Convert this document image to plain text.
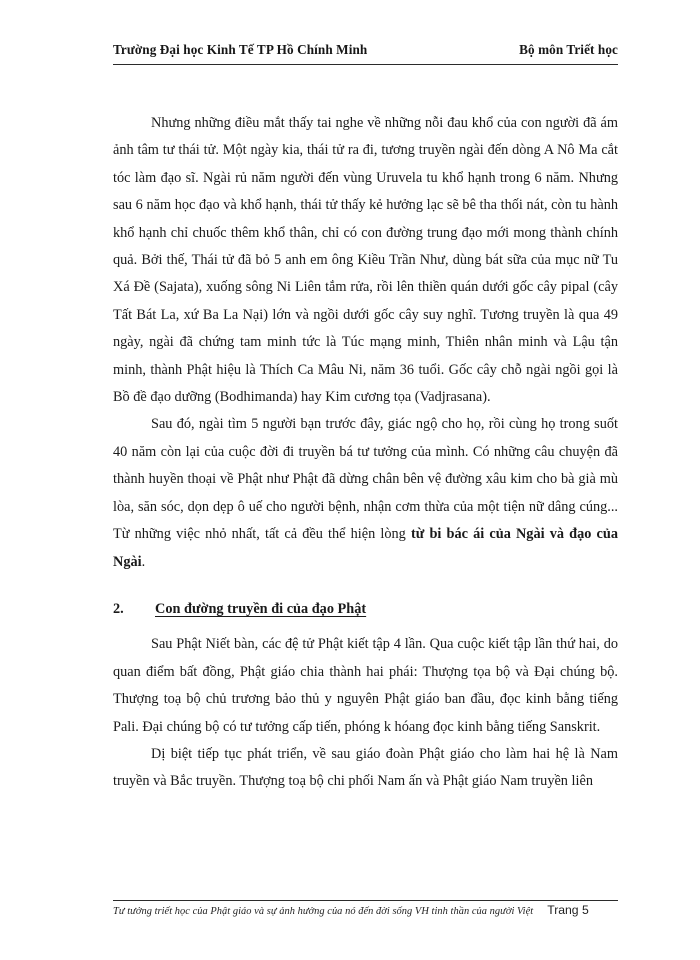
Trường Đại học Kinh Tế TP Hồ Chính Minh	Bộ môn Triết học

Nhưng những điều mắt thấy tai nghe về những nỗi đau khổ của con người đã ám ảnh tâm tư thái tử. Một ngày kia, thái tử ra đi, tương truyền ngài đến dòng A Nô Ma cắt tóc làm đạo sĩ. Ngài rủ năm người đến vùng Uruvela tu khổ hạnh trong 6 năm. Nhưng sau 6 năm học đạo và khổ hạnh, thái tử thấy kẻ hưởng lạc sẽ bê tha thối nát, còn tu hành khổ hạnh chỉ chuốc thêm khổ thân, chỉ có con đường trung đạo mới mong thành chính quả. Bởi thế, Thái tử đã bỏ 5 anh em ông Kiều Trần Như, dùng bát sữa của mục nữ Tu Xá Đề (Sajata), xuống sông Ni Liên tắm rửa, rồi lên thiền quán dưới gốc cây pipal (cây Tất Bát La, xứ Ba La Nại) lớn và ngồi dưới gốc cây suy nghĩ. Tương truyền là qua 49 ngày, ngài đã chứng tam minh tức là Túc mạng minh, Thiên nhân minh và Lậu tận minh, thành Phật hiệu là Thích Ca Mâu Ni, năm 36 tuổi. Gốc cây chỗ ngài ngồi gọi là Bồ đề đạo dưỡng (Bodhimanda) hay Kim cương tọa (Vadjrasana).

Sau đó, ngài tìm 5 người bạn trước đây, giác ngộ cho họ, rồi cùng họ trong suốt 40 năm còn lại của cuộc đời đi truyền bá tư tưởng của mình. Có những câu chuyện đã thành huyền thoại về Phật như Phật đã dừng chân bên vệ đường xâu kim cho bà già mù lòa, săn sóc, dọn dẹp ô uế cho người bệnh, nhận cơm thừa của một tiện nữ dâng cúng... Từ những việc nhỏ nhất, tất cả đều thể hiện lòng từ bi bác ái của Ngài và đạo của Ngài.

2.	Con đường truyền đi của đạo Phật

Sau Phật Niết bàn, các đệ tử Phật kiết tập 4 lần. Qua cuộc kiết tập lần thứ hai, do quan điểm bất đồng, Phật giáo chia thành hai phái: Thượng tọa bộ và Đại chúng bộ. Thượng toạ bộ chủ trương bảo thủ y nguyên Phật giáo ban đầu, đọc kinh bằng tiếng Pali. Đại chúng bộ có tư tưởng cấp tiến, phóng k hóang đọc kinh bằng tiếng Sanskrit.

Dị biệt tiếp tục phát triển, về sau giáo đoàn Phật giáo cho làm hai hệ là Nam truyền và Bắc truyền. Thượng toạ bộ chi phối Nam ấn và Phật giáo Nam truyền liên

Tư tưởng triết học của Phật giáo và sự ảnh hưởng của nó đến đời sống VH tinh thần của người Việt Trang 5
